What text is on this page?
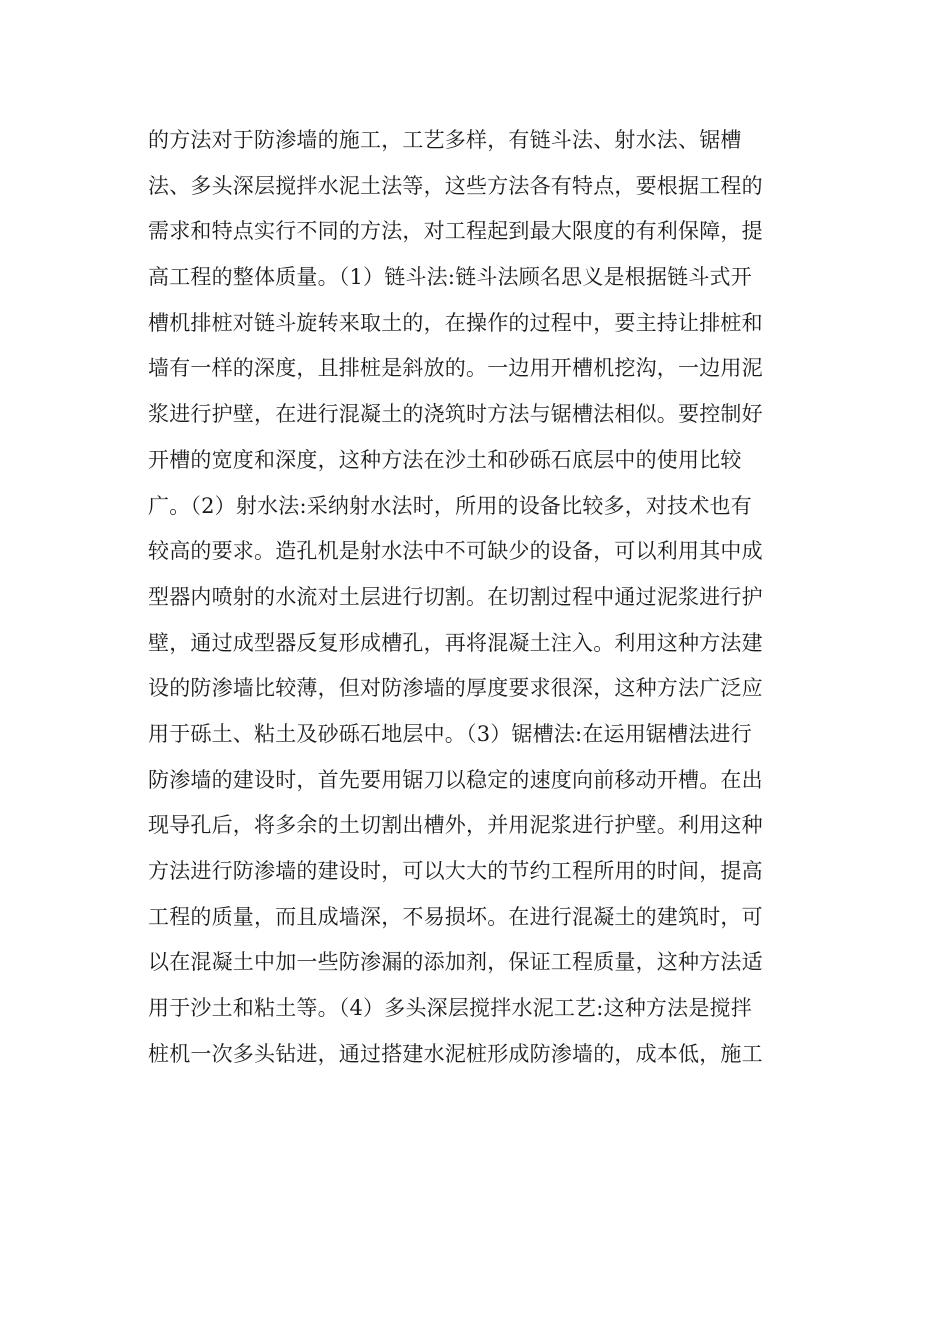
的方法对于防渗墙的施工，工艺多样，有链斗法、射水法、锯槽
法、多头深层搅拌水泥土法等，这些方法各有特点，要根据工程的
需求和特点实行不同的方法，对工程起到最大限度的有利保障，提
高工程的整体质量。（1）链斗法:链斗法顾名思义是根据链斗式开
槽机排桩对链斗旋转来取土的，在操作的过程中，要主持让排桩和
墙有一样的深度，且排桩是斜放的。一边用开槽机挖沟，一边用泥
浆进行护壁，在进行混凝土的浇筑时方法与锯槽法相似。要控制好
开槽的宽度和深度，这种方法在沙土和砂砾石底层中的使用比较
广。（2）射水法:采纳射水法时，所用的设备比较多，对技术也有
较高的要求。造孔机是射水法中不可缺少的设备，可以利用其中成
型器内喷射的水流对土层进行切割。在切割过程中通过泥浆进行护
壁，通过成型器反复形成槽孔，再将混凝土注入。利用这种方法建
设的防渗墙比较薄，但对防渗墙的厚度要求很深，这种方法广泛应
用于砾土、粘土及砂砾石地层中。（3）锯槽法:在运用锯槽法进行
防渗墙的建设时，首先要用锯刀以稳定的速度向前移动开槽。在出
现导孔后，将多余的土切割出槽外，并用泥浆进行护壁。利用这种
方法进行防渗墙的建设时，可以大大的节约工程所用的时间，提高
工程的质量，而且成墙深，不易损坏。在进行混凝土的建筑时，可
以在混凝土中加一些防渗漏的添加剂，保证工程质量，这种方法适
用于沙土和粘土等。（4）多头深层搅拌水泥工艺:这种方法是搅拌
桩机一次多头钻进，通过搭建水泥桩形成防渗墙的，成本低，施工
